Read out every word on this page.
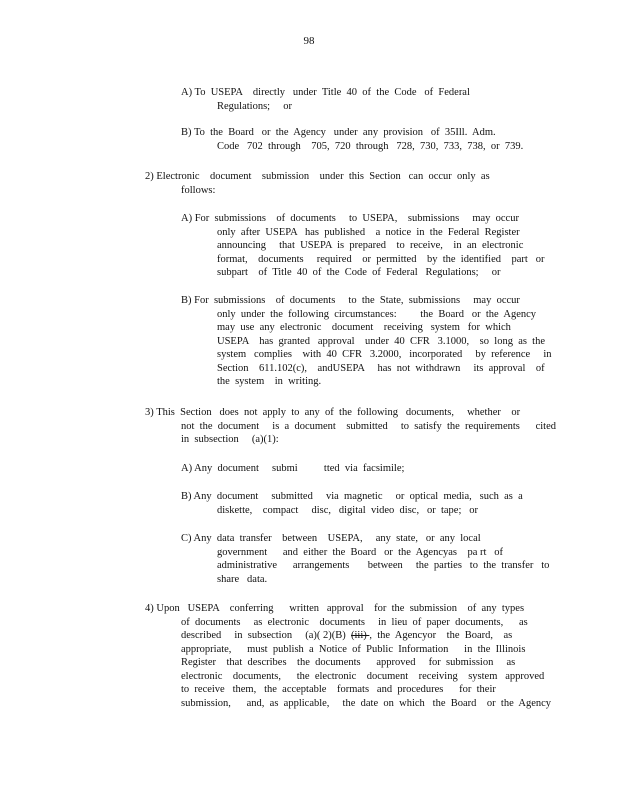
98
A) To  USEPA    directly   under  Title  40  of  the  Code   of  Federal
Regulations;     or
B) To  the  Board   or  the  Agency   under  any  provision   of  35Ill.  Adm.
Code   702  through    705,  720  through   728,  730,  733,  738,  or  739.
2) Electronic    document    submission    under  this  Section   can  occur  only  as
follows:
A) For  submissions    of  documents     to  USEPA,    submissions     may  occur
only  after  USEPA   has  published    a  notice  in  the  Federal  Register
announcing     that  USEPA  is  prepared    to  receive,    in  an  electronic
format,    documents     required    or  permitted    by  the  identified    part   or
subpart    of  Title  40  of  the  Code  of  Federal   Regulations;     or
B) For  submissions    of  documents     to  the  State,  submissions     may  occur
only  under  the  following  circumstances:         the  Board   or  the  Agency
may  use  any  electronic    document    receiving   system   for  which
USEPA    has  granted   approval    under  40  CFR   3.1000,    so  long  as  the
system   complies    with  40  CFR   3.2000,   incorporated     by  reference     in
Section    611.102(c),    andUSEPA     has  not  withdrawn     its  approval    of
the  system    in  writing.
3) This  Section   does  not  apply  to  any  of  the  following   documents,     whether    or
not  the  document     is  a  document    submitted     to  satisfy  the  requirements      cited
in  subsection     (a)(1):
A) Any  document     submi          tted  via  facsimile;
B) Any  document     submitted     via  magnetic     or  optical  media,   such  as  a
diskette,    compact     disc,   digital  video  disc,   or  tape;   or
C) Any  data  transfer    between    USEPA,     any  state,   or  any  local
government      and  either  the  Board   or  the  Agencyas    pa rt   of
administrative      arrangements       between     the  parties   to  the  transfer   to
share   data.
4) Upon   USEPA    conferring      written   approval    for  the  submission    of  any  types
of  documents     as  electronic    documents     in  lieu  of  paper  documents,      as
described     in  subsection     (a)( 2)(B)  (iii) ,  the  Agencyor    the  Board,    as
appropriate,      must  publish  a  Notice  of  Public  Information      in  the  Illinois
Register    that  describes    the  documents      approved     for  submission     as
electronic    documents,      the  electronic    document    receiving    system   approved
to  receive   them,   the  acceptable    formats   and  procedures      for  their
submission,      and,  as  applicable,     the  date  on  which   the  Board    or  the  Agency
